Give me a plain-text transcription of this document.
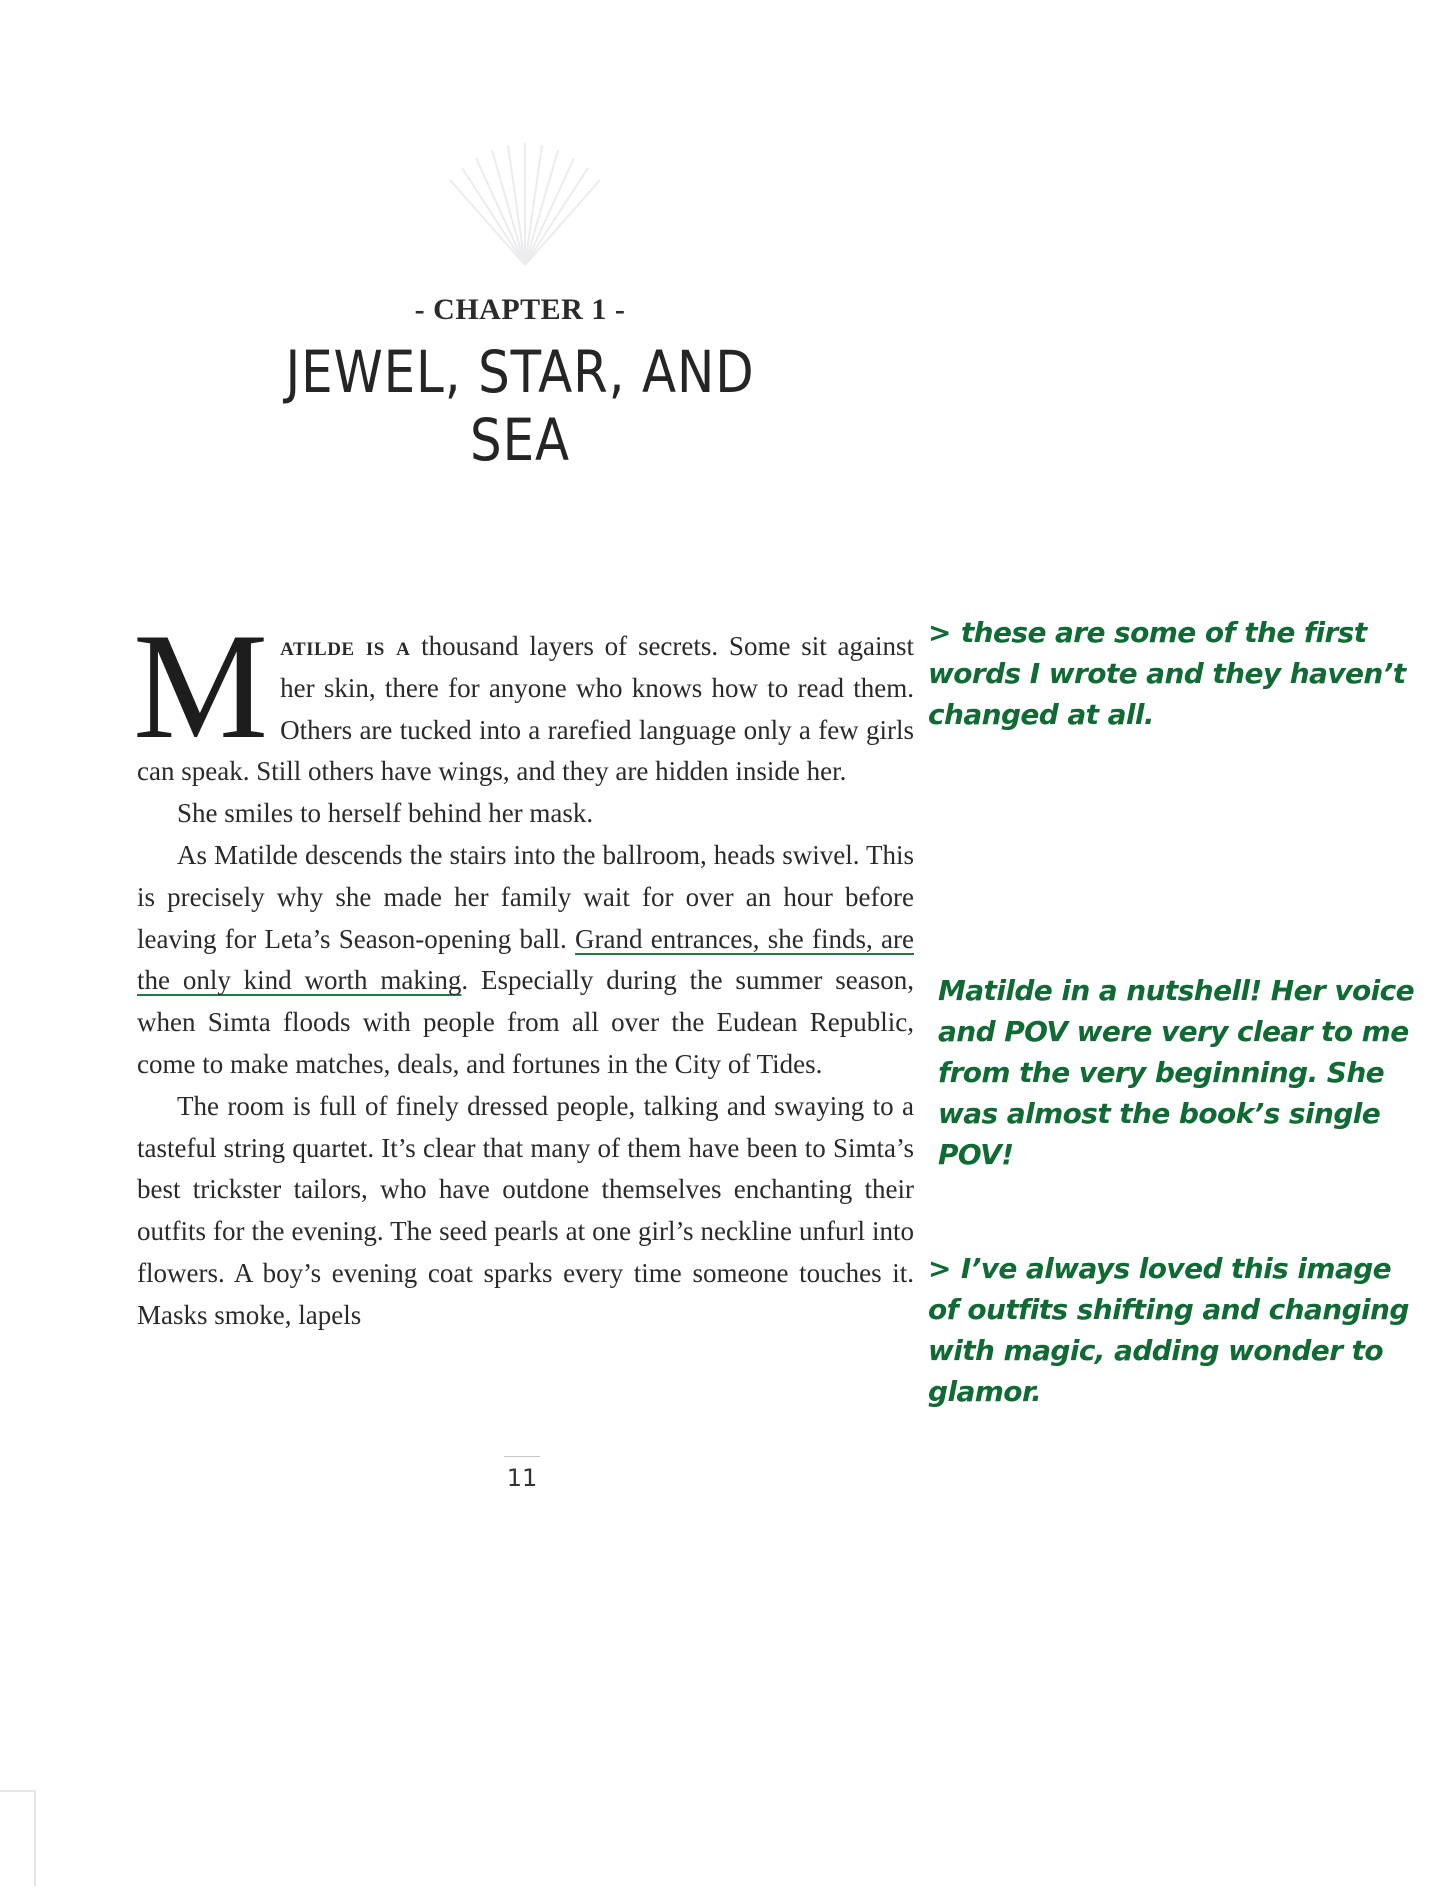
- CHAPTER 1 -
JEWEL, STAR, AND SEA

Matilde is a thousand layers of secrets. Some sit against her skin, there for anyone who knows how to read them. Others are tucked into a rarefied language only a few girls can speak. Still others have wings, and they are hidden inside her.

She smiles to herself behind her mask.

As Matilde descends the stairs into the ballroom, heads swivel. This is precisely why she made her family wait for over an hour before leaving for Leta’s Season-opening ball. Grand entrances, she finds, are the only kind worth making. Especially during the summer season, when Simta floods with people from all over the Eudean Republic, come to make matches, deals, and fortunes in the City of Tides.

The room is full of finely dressed people, talking and swaying to a tasteful string quartet. It’s clear that many of them have been to Simta’s best trickster tailors, who have outdone themselves enchanting their outfits for the evening. The seed pearls at one girl’s neckline unfurl into flowers. A boy’s evening coat sparks every time someone touches it. Masks smoke, lapels

11
> these are some of the first words I wrote and they haven’t changed at all.
Matilde in a nutshell! Her voice and POV were very clear to me from the very beginning. She was almost the book’s single POV!
> I’ve always loved this image of outfits shifting and changing with magic, adding wonder to glamor.
